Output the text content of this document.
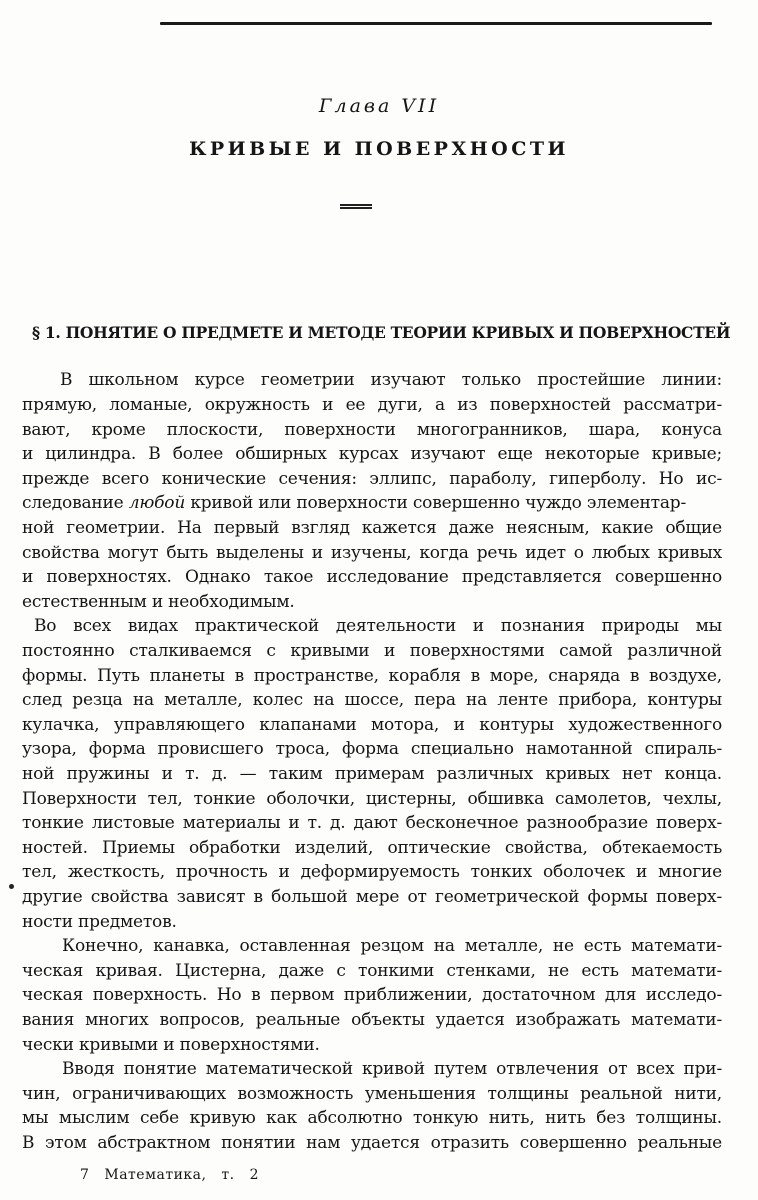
Глава VII
КРИВЫЕ И ПОВЕРХНОСТИ
§ 1. ПОНЯТИЕ О ПРЕДМЕТЕ И МЕТОДЕ ТЕОРИИ КРИВЫХ И ПОВЕРХНОСТЕЙ
В школьном курсе геометрии изучают только простейшие линии:
прямую, ломаные, окружность и ее дуги, а из поверхностей рассматри-
вают, кроме плоскости, поверхности многогранников, шара, конуса
и цилиндра. В более обширных курсах изучают еще некоторые кривые;
прежде всего конические сечения: эллипс, параболу, гиперболу. Но ис-
следование любой кривой или поверхности совершенно чуждо элементар-
ной геометрии. На первый взгляд кажется даже неясным, какие общие
свойства могут быть выделены и изучены, когда речь идет о любых кривых
и поверхностях. Однако такое исследование представляется совершенно
естественным и необходимым.
Во всех видах практической деятельности и познания природы мы
постоянно сталкиваемся с кривыми и поверхностями самой различной
формы. Путь планеты в пространстве, корабля в море, снаряда в воздухе,
след резца на металле, колес на шоссе, пера на ленте прибора, контуры
кулачка, управляющего клапанами мотора, и контуры художественного
узора, форма провисшего троса, форма специально намотанной спираль-
ной пружины и т. д. — таким примерам различных кривых нет конца.
Поверхности тел, тонкие оболочки, цистерны, обшивка самолетов, чехлы,
тонкие листовые материалы и т. д. дают бесконечное разнообразие поверх-
ностей. Приемы обработки изделий, оптические свойства, обтекаемость
тел, жесткость, прочность и деформируемость тонких оболочек и многие
другие свойства зависят в большой мере от геометрической формы поверх-
ности предметов.
Конечно, канавка, оставленная резцом на металле, не есть математи-
ческая кривая. Цистерна, даже с тонкими стенками, не есть математи-
ческая поверхность. Но в первом приближении, достаточном для исследо-
вания многих вопросов, реальные объекты удается изображать математи-
чески кривыми и поверхностями.
Вводя понятие математической кривой путем отвлечения от всех при-
чин, ограничивающих возможность уменьшения толщины реальной нити,
мы мыслим себе кривую как абсолютно тонкую нить, нить без толщины.
В этом абстрактном понятии нам удается отразить совершенно реальные
7 Математика, т. 2
